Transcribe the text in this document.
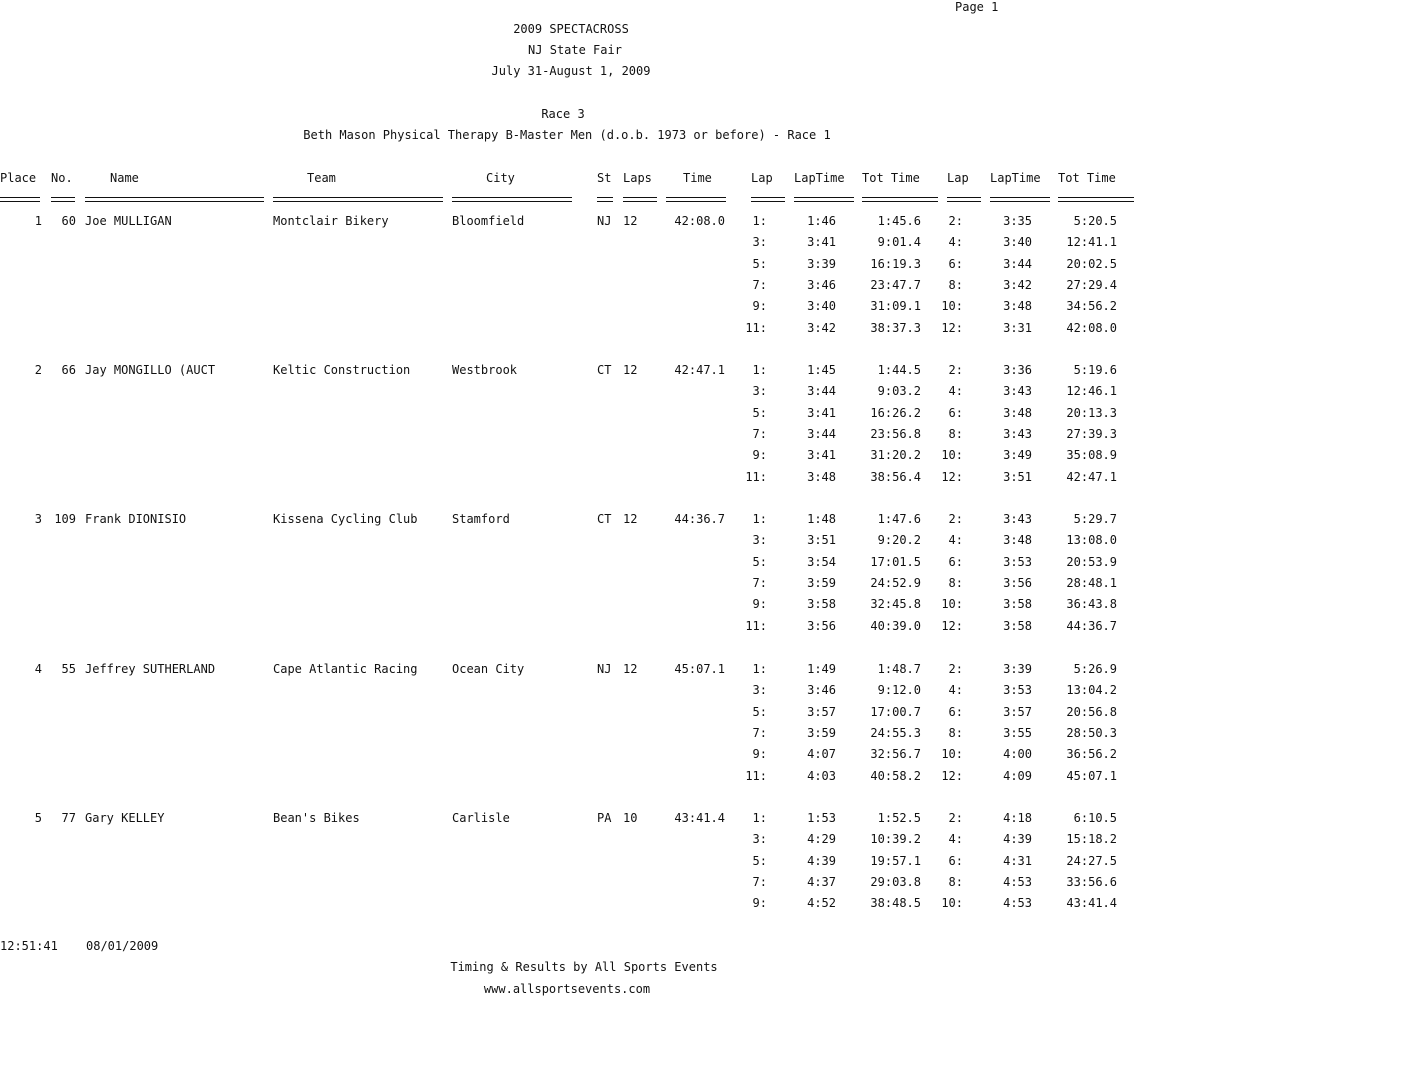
Page 1
2009 SPECTACROSS
NJ State Fair
July 31-August 1, 2009
Race 3
Beth Mason Physical Therapy B-Master Men (d.o.b. 1973 or before) - Race 1
Place No.	Name	Team	City	St Laps	Time	Lap LapTime Tot Time Lap LapTime Tot Time
1 60 Joe MULLIGAN	Montclair Bikery	Bloomfield	NJ 12	42:08.0 1:	1:46	1:45.6 2:	3:35	5:20.5
3:	3:41	9:01.4 4:	3:40	12:41.1
5:	3:39	16:19.3 6:	3:44	20:02.5
7:	3:46	23:47.7 8:	3:42	27:29.4
9:	3:40	31:09.1 10:	3:48	34:56.2
11:	3:42	38:37.3 12:	3:31	42:08.0
2 66 Jay MONGILLO (AUCT	Keltic Construction	Westbrook	CT 12	42:47.1 1:	1:45	1:44.5 2:	3:36	5:19.6
3:	3:44	9:03.2 4:	3:43	12:46.1
5:	3:41	16:26.2 6:	3:48	20:13.3
7:	3:44	23:56.8 8:	3:43	27:39.3
9:	3:41	31:20.2 10:	3:49	35:08.9
11:	3:48	38:56.4 12:	3:51	42:47.1
3 109 Frank DIONISIO	Kissena Cycling Club	Stamford	CT 12	44:36.7 1:	1:48	1:47.6 2:	3:43	5:29.7
3:	3:51	9:20.2 4:	3:48	13:08.0
5:	3:54	17:01.5 6:	3:53	20:53.9
7:	3:59	24:52.9 8:	3:56	28:48.1
9:	3:58	32:45.8 10:	3:58	36:43.8
11:	3:56	40:39.0 12:	3:58	44:36.7
4 55 Jeffrey SUTHERLAND	Cape Atlantic Racing	Ocean City	NJ 12	45:07.1 1:	1:49	1:48.7 2:	3:39	5:26.9
3:	3:46	9:12.0 4:	3:53	13:04.2
5:	3:57	17:00.7 6:	3:57	20:56.8
7:	3:59	24:55.3 8:	3:55	28:50.3
9:	4:07	32:56.7 10:	4:00	36:56.2
11:	4:03	40:58.2 12:	4:09	45:07.1
5 77 Gary KELLEY	Bean's Bikes	Carlisle	PA 10	43:41.4 1:	1:53	1:52.5 2:	4:18	6:10.5
3:	4:29	10:39.2 4:	4:39	15:18.2
5:	4:39	19:57.1 6:	4:31	24:27.5
7:	4:37	29:03.8 8:	4:53	33:56.6
9:	4:52	38:48.5 10:	4:53	43:41.4
12:51:41 08/01/2009
Timing & Results by All Sports Events
www.allsportsevents.com
